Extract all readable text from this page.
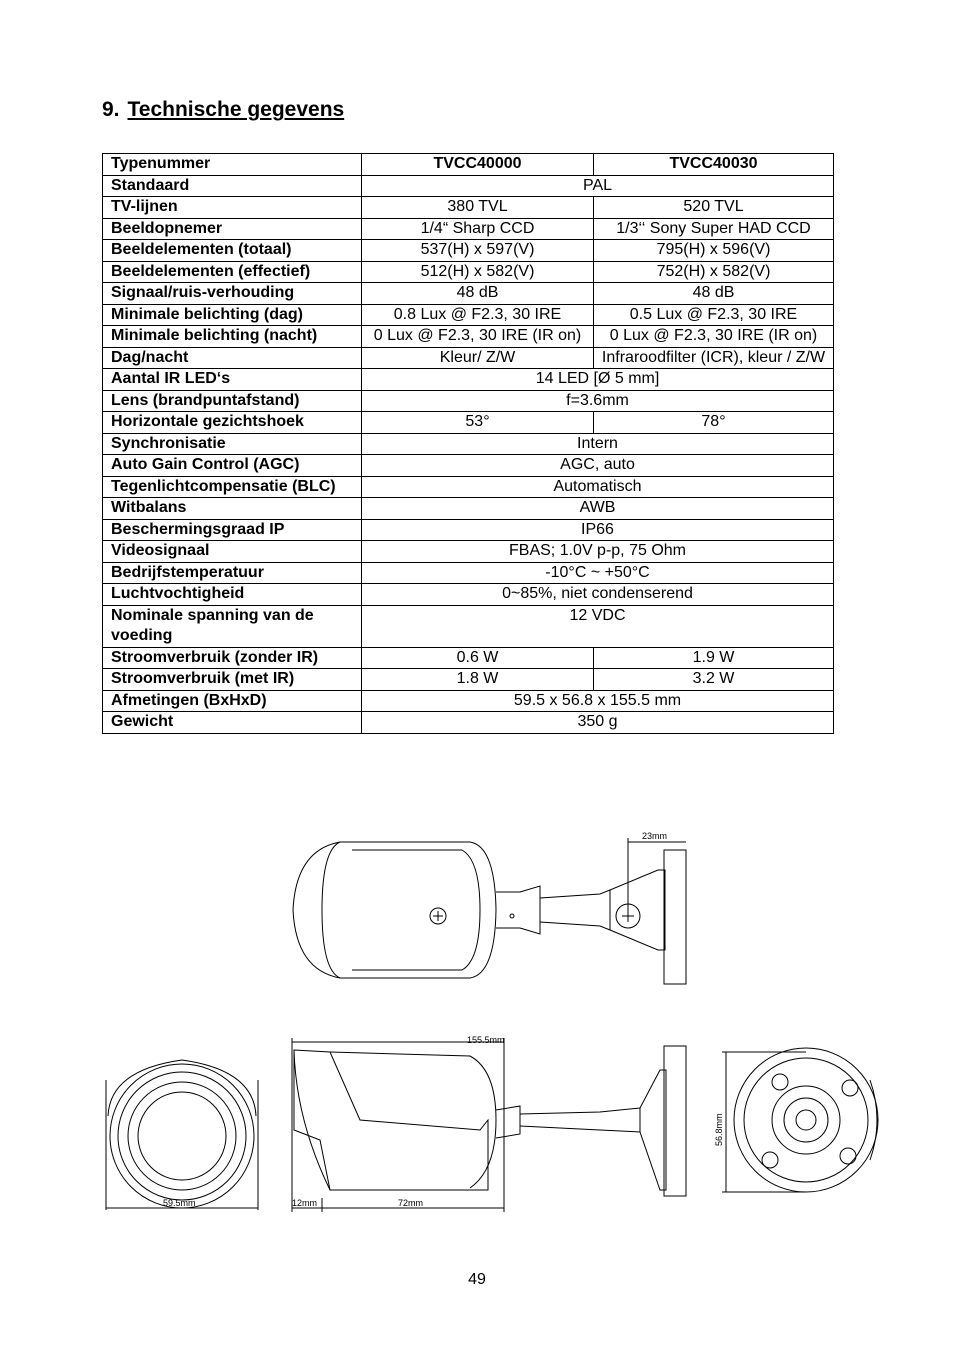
9. Technische gegevens
Typenummer	TVCC40000	TVCC40030
Standaard	PAL	
TV-lijnen	380 TVL	520 TVL
Beeldopnemer	1/4“ Sharp CCD	1/3‘‘ Sony Super HAD CCD
Beeldelementen (totaal)	537(H) x 597(V)	795(H) x 596(V)
Beeldelementen (effectief)	512(H) x 582(V)	752(H) x 582(V)
Signaal/ruis-verhouding	48 dB	48 dB
Minimale belichting (dag)	0.8 Lux @ F2.3, 30 IRE	0.5 Lux @ F2.3, 30 IRE
Minimale belichting (nacht)	0 Lux @ F2.3, 30 IRE (IR on)	0 Lux @ F2.3, 30 IRE (IR on)
Dag/nacht	Kleur/ Z/W	Infraroodfilter (ICR), kleur / Z/W
Aantal IR LED‘s	14 LED [Ø 5 mm]	
Lens (brandpuntafstand)	f=3.6mm	
Horizontale gezichtshoek	53°	78°
Synchronisatie	Intern	
Auto Gain Control (AGC)	AGC, auto	
Tegenlichtcompensatie (BLC)	Automatisch	
Witbalans	AWB	
Beschermingsgraad IP	IP66	
Videosignaal	FBAS; 1.0V p-p, 75 Ohm	
Bedrijfstemperatuur	-10°C ~ +50°C	
Luchtvochtigheid	0~85%, niet condenserend	
Nominale spanning van de voeding	12 VDC	
Stroomverbruik (zonder IR)	0.6 W	1.9 W
Stroomverbruik (met IR)	1.8 W	3.2 W
Afmetingen (BxHxD)	59.5 x 56.8 x 155.5 mm	
Gewicht	350 g	
23mm
155.5mm
59.5mm	12mm	72mm
56.8mm
49
